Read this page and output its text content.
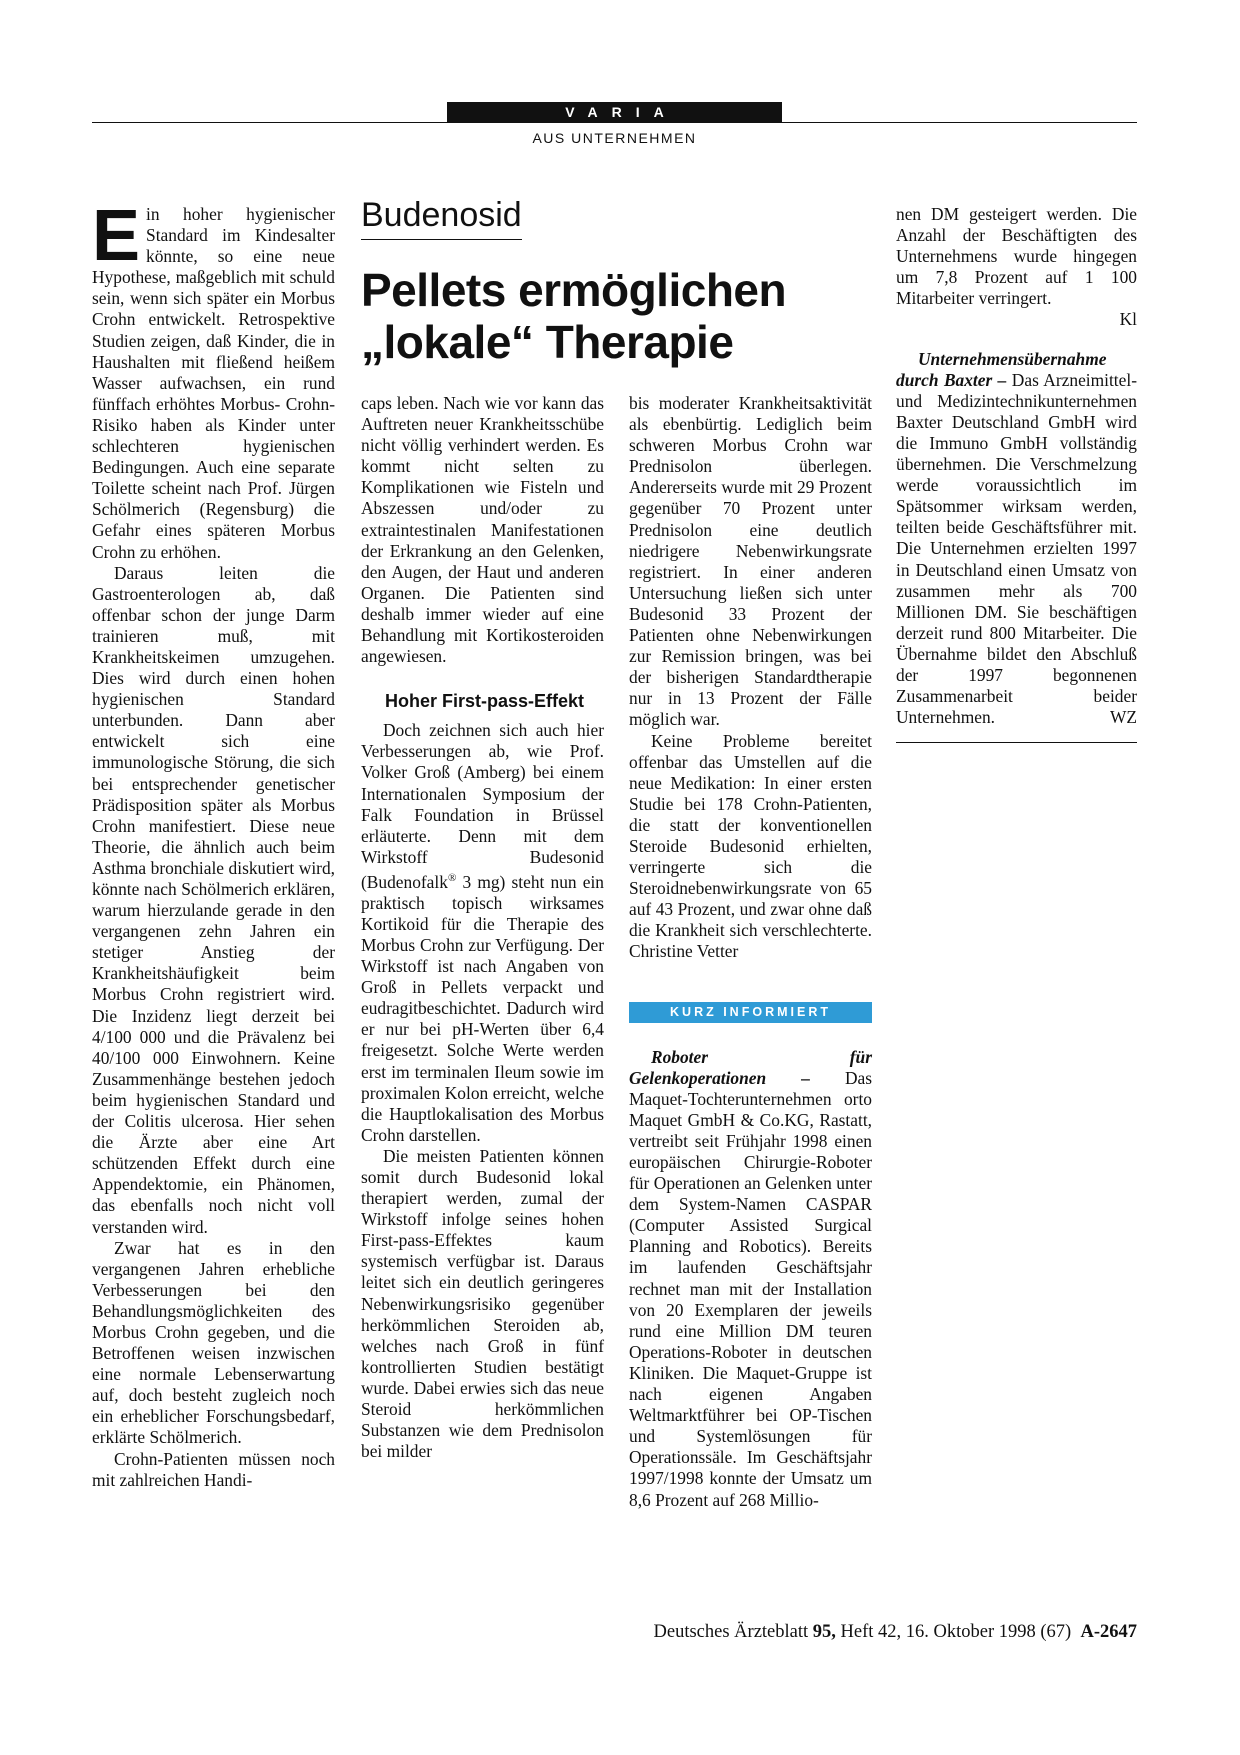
VARIA
AUS UNTERNEHMEN
Budenosid
Pellets ermöglichen
„lokale“ Therapie

Ein hoher hygienischer Standard im Kindesalter könnte, so eine neue Hypothese, maßgeblich mit schuld sein, wenn sich später ein Morbus Crohn entwickelt. Retrospektive Studien zeigen, daß Kinder, die in Haushalten mit fließend heißem Wasser aufwachsen, ein rund fünffach erhöhtes Morbus- Crohn-Risiko haben als Kinder unter schlechteren hygienischen Bedingungen. Auch eine separate Toilette scheint nach Prof. Jürgen Schölmerich (Regensburg) die Gefahr eines späteren Morbus Crohn zu erhöhen.

Daraus leiten die Gastroenterologen ab, daß offenbar schon der junge Darm trainieren muß, mit Krankheitskeimen umzugehen. Dies wird durch einen hohen hygienischen Standard unterbunden. Dann aber entwickelt sich eine immunologische Störung, die sich bei entsprechender genetischer Prädisposition später als Morbus Crohn manifestiert. Diese neue Theorie, die ähnlich auch beim Asthma bronchiale diskutiert wird, könnte nach Schölmerich erklären, warum hierzulande gerade in den vergangenen zehn Jahren ein stetiger Anstieg der Krankheitshäufigkeit beim Morbus Crohn registriert wird. Die Inzidenz liegt derzeit bei 4/100 000 und die Prävalenz bei 40/100 000 Einwohnern. Keine Zusammenhänge bestehen jedoch beim hygienischen Standard und der Colitis ulcerosa. Hier sehen die Ärzte aber eine Art schützenden Effekt durch eine Appendektomie, ein Phänomen, das ebenfalls noch nicht voll verstanden wird.

Zwar hat es in den vergangenen Jahren erhebliche Verbesserungen bei den Behandlungsmöglichkeiten des Morbus Crohn gegeben, und die Betroffenen weisen inzwischen eine normale Lebenserwartung auf, doch besteht zugleich noch ein erheblicher Forschungsbedarf, erklärte Schölmerich.

Crohn-Patienten müssen noch mit zahlreichen Handi-

caps leben. Nach wie vor kann das Auftreten neuer Krankheitsschübe nicht völlig verhindert werden. Es kommt nicht selten zu Komplikationen wie Fisteln und Abszessen und/oder zu extraintestinalen Manifestationen der Erkrankung an den Gelenken, den Augen, der Haut und anderen Organen. Die Patienten sind deshalb immer wieder auf eine Behandlung mit Kortikosteroiden angewiesen.

Hoher First-pass-Effekt

Doch zeichnen sich auch hier Verbesserungen ab, wie Prof. Volker Groß (Amberg) bei einem Internationalen Symposium der Falk Foundation in Brüssel erläuterte. Denn mit dem Wirkstoff Budesonid (Budenofalk® 3 mg) steht nun ein praktisch topisch wirksames Kortikoid für die Therapie des Morbus Crohn zur Verfügung. Der Wirkstoff ist nach Angaben von Groß in Pellets verpackt und eudragitbeschichtet. Dadurch wird er nur bei pH-Werten über 6,4 freigesetzt. Solche Werte werden erst im terminalen Ileum sowie im proximalen Kolon erreicht, welche die Hauptlokalisation des Morbus Crohn darstellen.

Die meisten Patienten können somit durch Budesonid lokal therapiert werden, zumal der Wirkstoff infolge seines hohen First-pass-Effektes kaum systemisch verfügbar ist. Daraus leitet sich ein deutlich geringeres Nebenwirkungsrisiko gegenüber herkömmlichen Steroiden ab, welches nach Groß in fünf kontrollierten Studien bestätigt wurde. Dabei erwies sich das neue Steroid herkömmlichen Substanzen wie dem Prednisolon bei milder

bis moderater Krankheitsaktivität als ebenbürtig. Lediglich beim schweren Morbus Crohn war Prednisolon überlegen. Andererseits wurde mit 29 Prozent gegenüber 70 Prozent unter Prednisolon eine deutlich niedrigere Nebenwirkungsrate registriert. In einer anderen Untersuchung ließen sich unter Budesonid 33 Prozent der Patienten ohne Nebenwirkungen zur Remission bringen, was bei der bisherigen Standardtherapie nur in 13 Prozent der Fälle möglich war.

Keine Probleme bereitet offenbar das Umstellen auf die neue Medikation: In einer ersten Studie bei 178 Crohn-Patienten, die statt der konventionellen Steroide Budesonid erhielten, verringerte sich die Steroidnebenwirkungsrate von 65 auf 43 Prozent, und zwar ohne daß die Krankheit sich verschlechterte. Christine Vetter

KURZ INFORMIERT

Roboter für Gelenkoperationen – Das Maquet-Tochterunternehmen orto Maquet GmbH & Co.KG, Rastatt, vertreibt seit Frühjahr 1998 einen europäischen Chirurgie-Roboter für Operationen an Gelenken unter dem System-Namen CASPAR (Computer Assisted Surgical Planning and Robotics). Bereits im laufenden Geschäftsjahr rechnet man mit der Installation von 20 Exemplaren der jeweils rund eine Million DM teuren Operations-Roboter in deutschen Kliniken. Die Maquet-Gruppe ist nach eigenen Angaben Weltmarktführer bei OP-Tischen und Systemlösungen für Operationssäle. Im Geschäftsjahr 1997/1998 konnte der Umsatz um 8,6 Prozent auf 268 Millio-

nen DM gesteigert werden. Die Anzahl der Beschäftigten des Unternehmens wurde hingegen um 7,8 Prozent auf 1 100 Mitarbeiter verringert.
Kl

Unternehmensübernahme durch Baxter – Das Arzneimittel- und Medizintechnikunternehmen Baxter Deutschland GmbH wird die Immuno GmbH vollständig übernehmen. Die Verschmelzung werde voraussichtlich im Spätsommer wirksam werden, teilten beide Geschäftsführer mit. Die Unternehmen erzielten 1997 in Deutschland einen Umsatz von zusammen mehr als 700 Millionen DM. Sie beschäftigen derzeit rund 800 Mitarbeiter. Die Übernahme bildet den Abschluß der 1997 begonnenen Zusammenarbeit beider Unternehmen.	WZ

Deutsches Ärzteblatt 95, Heft 42, 16. Oktober 1998 (67)  A-2647
